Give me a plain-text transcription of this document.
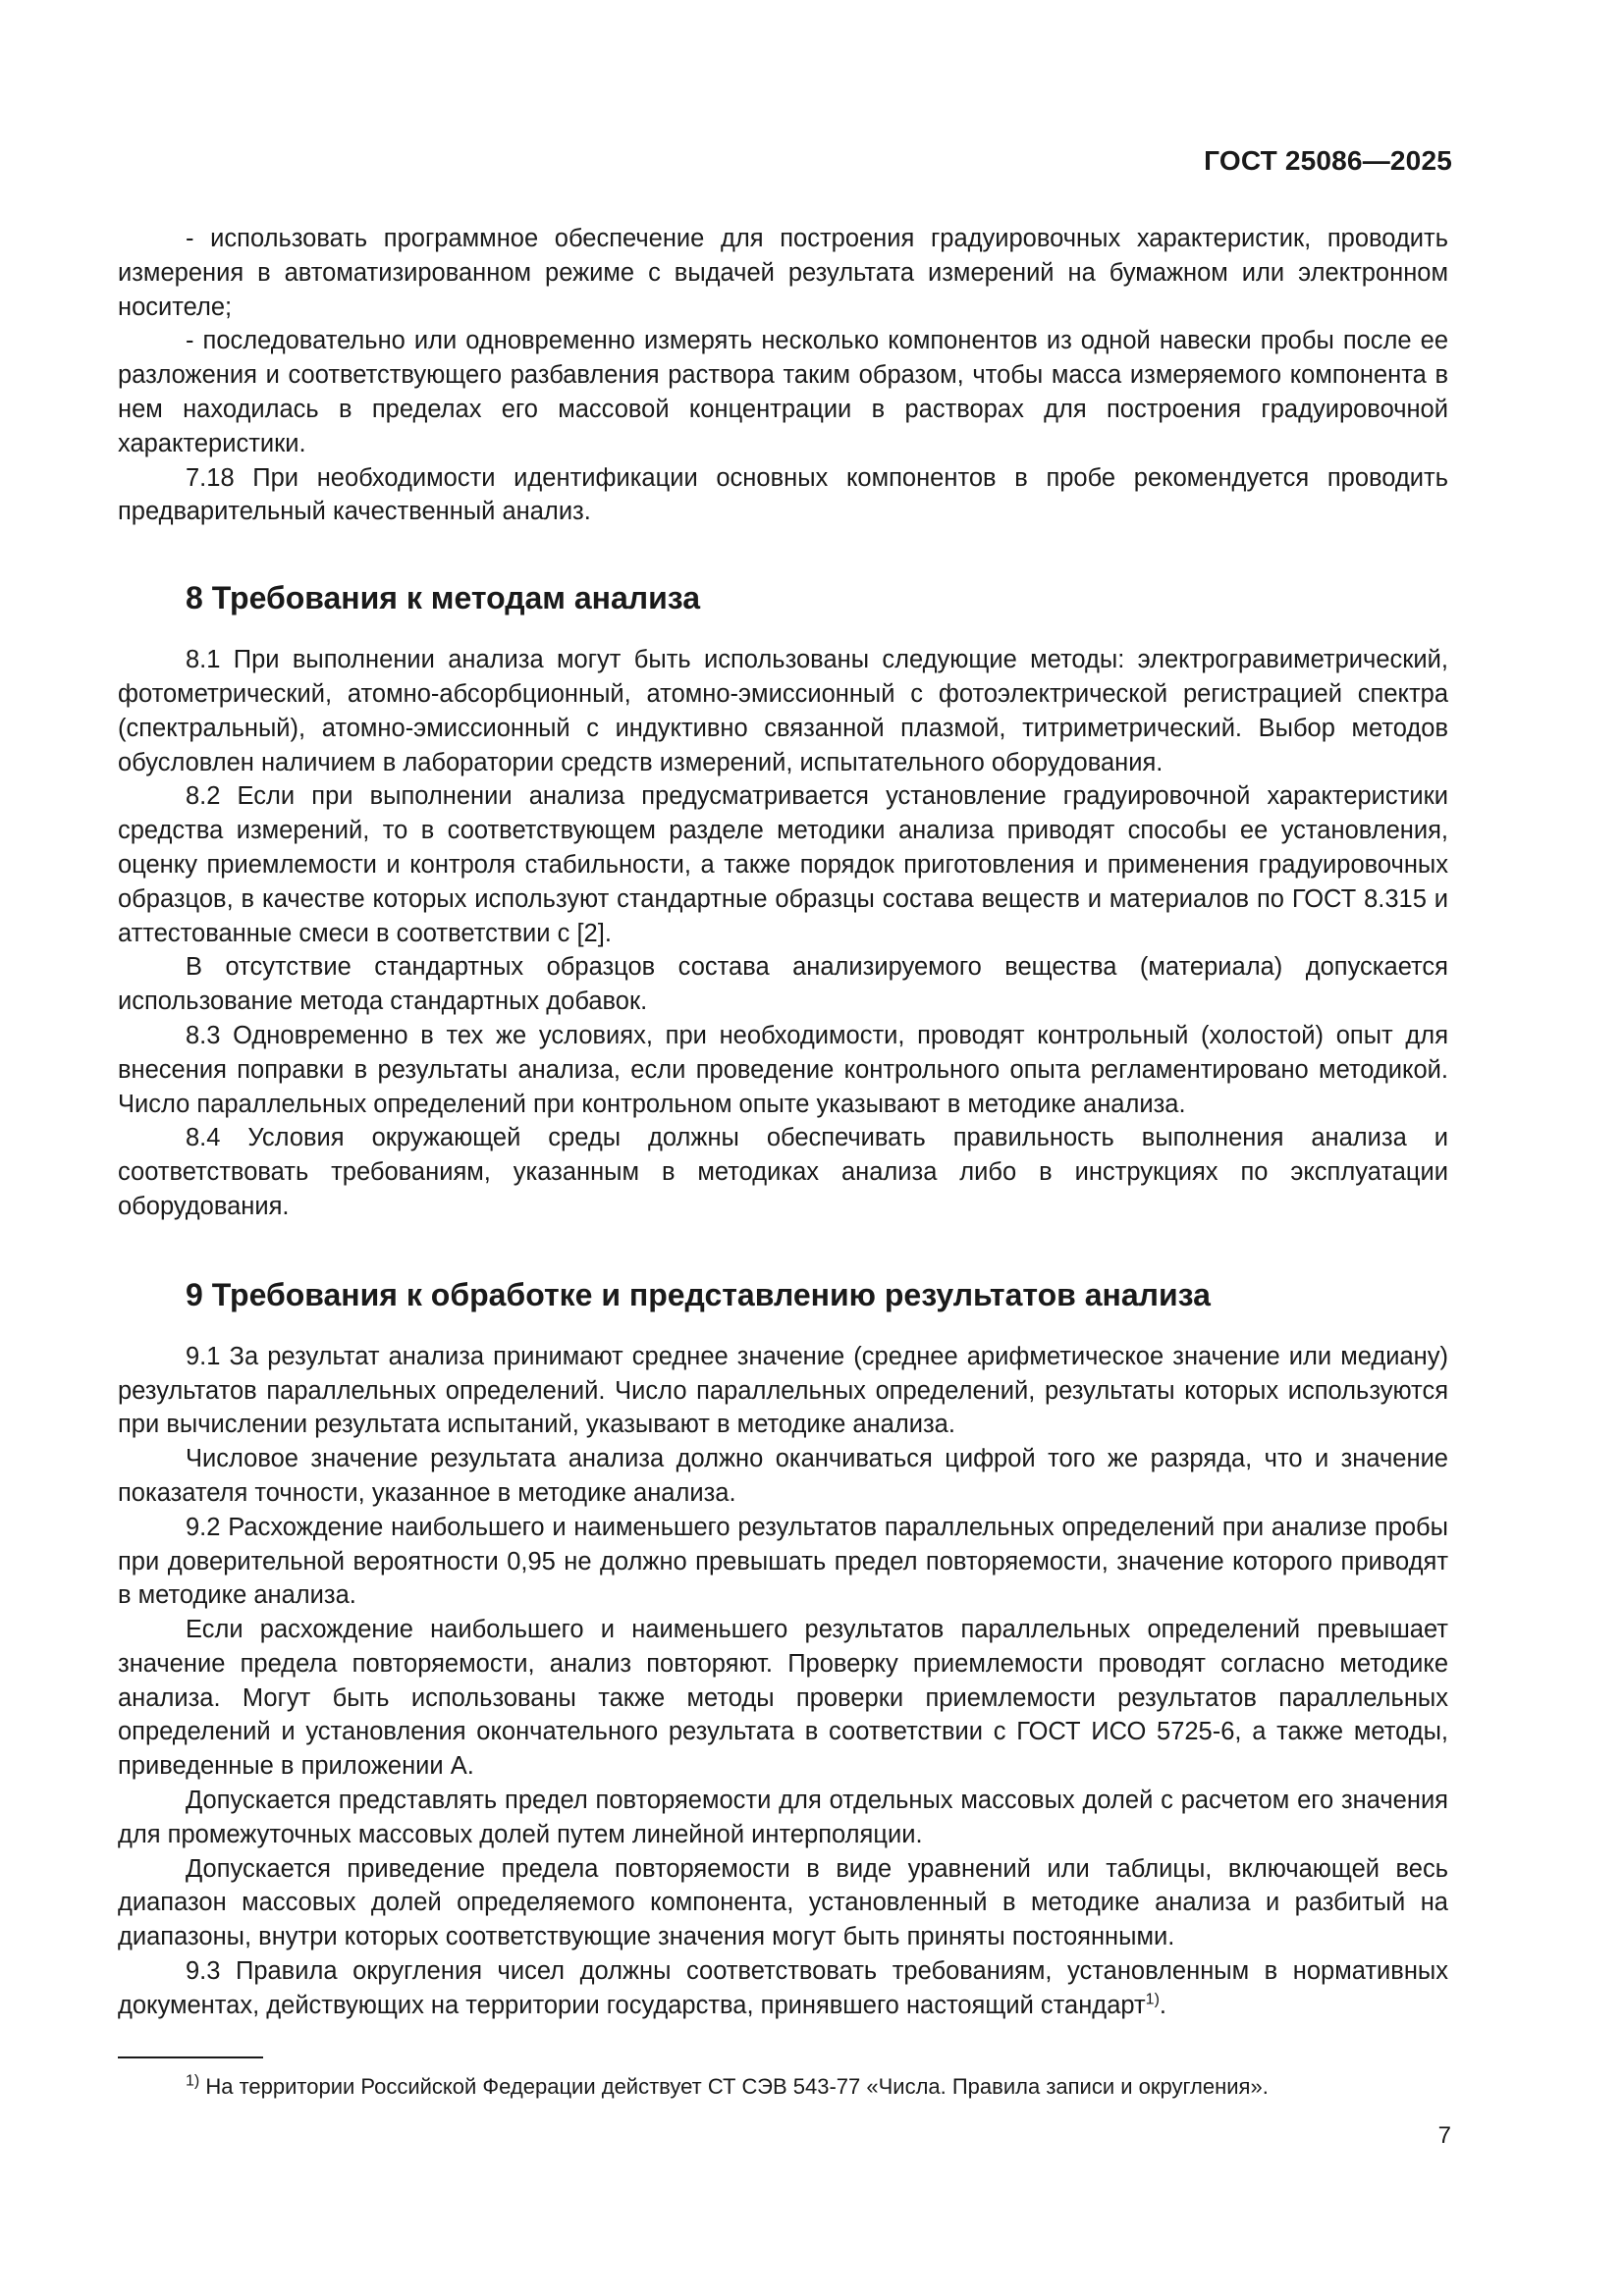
ГОСТ 25086—2025

- использовать программное обеспечение для построения градуировочных характеристик, проводить измерения в автоматизированном режиме с выдачей результата измерений на бумажном или электронном носителе;

- последовательно или одновременно измерять несколько компонентов из одной навески пробы после ее разложения и соответствующего разбавления раствора таким образом, чтобы масса измеряемого компонента в нем находилась в пределах его массовой концентрации в растворах для построения градуировочной характеристики.

7.18 При необходимости идентификации основных компонентов в пробе рекомендуется проводить предварительный качественный анализ.

8 Требования к методам анализа

8.1 При выполнении анализа могут быть использованы следующие методы: электрогравиметрический, фотометрический, атомно-абсорбционный, атомно-эмиссионный с фотоэлектрической регистрацией спектра (спектральный), атомно-эмиссионный с индуктивно связанной плазмой, титриметрический. Выбор методов обусловлен наличием в лаборатории средств измерений, испытательного оборудования.

8.2 Если при выполнении анализа предусматривается установление градуировочной характеристики средства измерений, то в соответствующем разделе методики анализа приводят способы ее установления, оценку приемлемости и контроля стабильности, а также порядок приготовления и применения градуировочных образцов, в качестве которых используют стандартные образцы состава веществ и материалов по ГОСТ 8.315 и аттестованные смеси в соответствии с [2].

В отсутствие стандартных образцов состава анализируемого вещества (материала) допускается использование метода стандартных добавок.

8.3 Одновременно в тех же условиях, при необходимости, проводят контрольный (холостой) опыт для внесения поправки в результаты анализа, если проведение контрольного опыта регламентировано методикой. Число параллельных определений при контрольном опыте указывают в методике анализа.

8.4 Условия окружающей среды должны обеспечивать правильность выполнения анализа и соответствовать требованиям, указанным в методиках анализа либо в инструкциях по эксплуатации оборудования.

9 Требования к обработке и представлению результатов анализа

9.1 За результат анализа принимают среднее значение (среднее арифметическое значение или медиану) результатов параллельных определений. Число параллельных определений, результаты которых используются при вычислении результата испытаний, указывают в методике анализа.

Числовое значение результата анализа должно оканчиваться цифрой того же разряда, что и значение показателя точности, указанное в методике анализа.

9.2 Расхождение наибольшего и наименьшего результатов параллельных определений при анализе пробы при доверительной вероятности 0,95 не должно превышать предел повторяемости, значение которого приводят в методике анализа.

Если расхождение наибольшего и наименьшего результатов параллельных определений превышает значение предела повторяемости, анализ повторяют. Проверку приемлемости проводят согласно методике анализа. Могут быть использованы также методы проверки приемлемости результатов параллельных определений и установления окончательного результата в соответствии с ГОСТ ИСО 5725-6, а также методы, приведенные в приложении А.

Допускается представлять предел повторяемости для отдельных массовых долей с расчетом его значения для промежуточных массовых долей путем линейной интерполяции.

Допускается приведение предела повторяемости в виде уравнений или таблицы, включающей весь диапазон массовых долей определяемого компонента, установленный в методике анализа и разбитый на диапазоны, внутри которых соответствующие значения могут быть приняты постоянными.

9.3 Правила округления чисел должны соответствовать требованиям, установленным в нормативных документах, действующих на территории государства, принявшего настоящий стандарт$^{1)}$.

$^{1)}$ На территории Российской Федерации действует СТ СЭВ 543-77 «Числа. Правила записи и округления».
7
